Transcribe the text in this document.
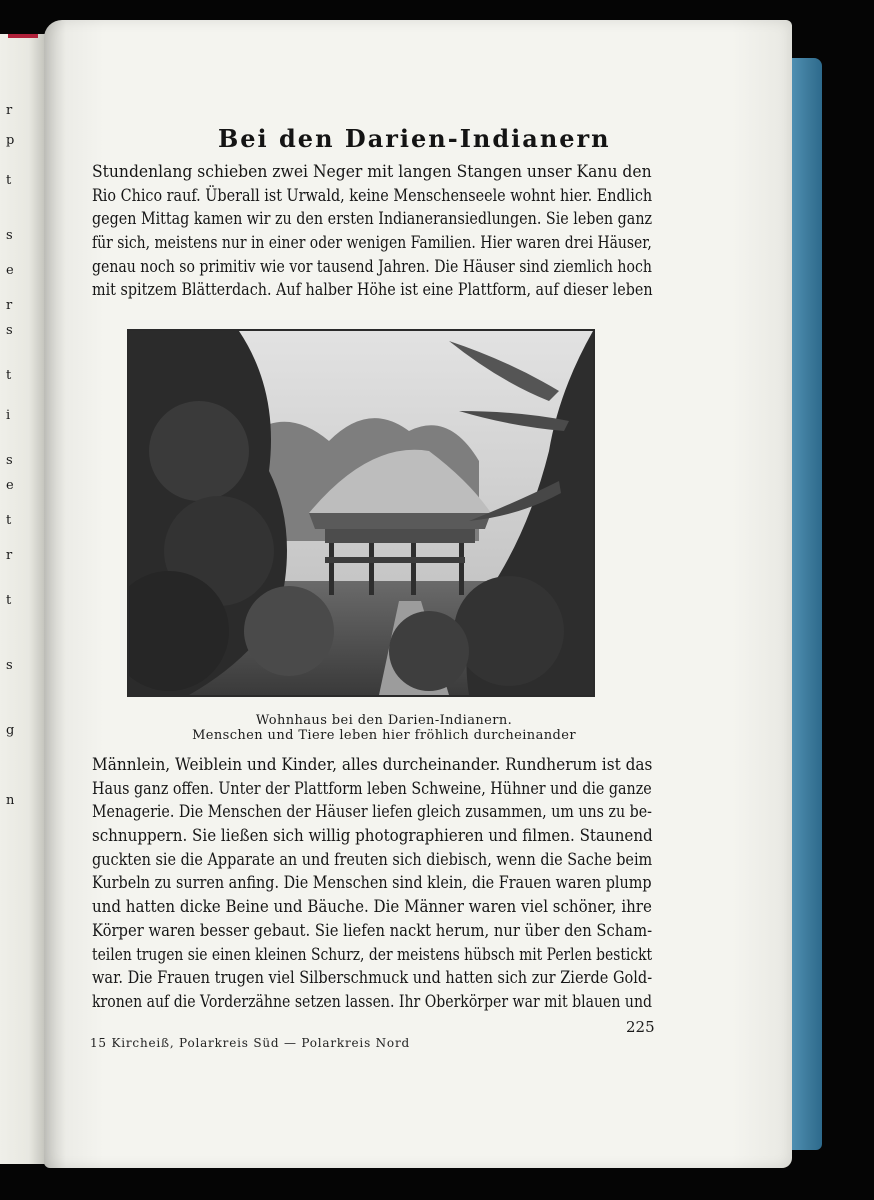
r
p
t
s
e
r
s
t
i
s
e
t
r
t
s
g
n
Bei den Darien-Indianern
Stundenlang schieben zwei Neger mit langen Stangen unser Kanu den
Rio Chico rauf. Überall ist Urwald, keine Menschenseele wohnt hier. Endlich
gegen Mittag kamen wir zu den ersten Indianeransiedlungen. Sie leben ganz
für sich, meistens nur in einer oder wenigen Familien. Hier waren drei Häuser,
genau noch so primitiv wie vor tausend Jahren. Die Häuser sind ziemlich hoch
mit spitzem Blätterdach. Auf halber Höhe ist eine Plattform, auf dieser leben
Wohnhaus bei den Darien-Indianern.
Menschen und Tiere leben hier fröhlich durcheinander
Männlein, Weiblein und Kinder, alles durcheinander. Rundherum ist das
Haus ganz offen. Unter der Plattform leben Schweine, Hühner und die ganze
Menagerie. Die Menschen der Häuser liefen gleich zusammen, um uns zu be-
schnuppern. Sie ließen sich willig photographieren und filmen. Staunend
guckten sie die Apparate an und freuten sich diebisch, wenn die Sache beim
Kurbeln zu surren anfing. Die Menschen sind klein, die Frauen waren plump
und hatten dicke Beine und Bäuche. Die Männer waren viel schöner, ihre
Körper waren besser gebaut. Sie liefen nackt herum, nur über den Scham-
teilen trugen sie einen kleinen Schurz, der meistens hübsch mit Perlen bestickt
war. Die Frauen trugen viel Silberschmuck und hatten sich zur Zierde Gold-
kronen auf die Vorderzähne setzen lassen. Ihr Oberkörper war mit blauen und
225
15 Kircheiß, Polarkreis Süd — Polarkreis Nord
